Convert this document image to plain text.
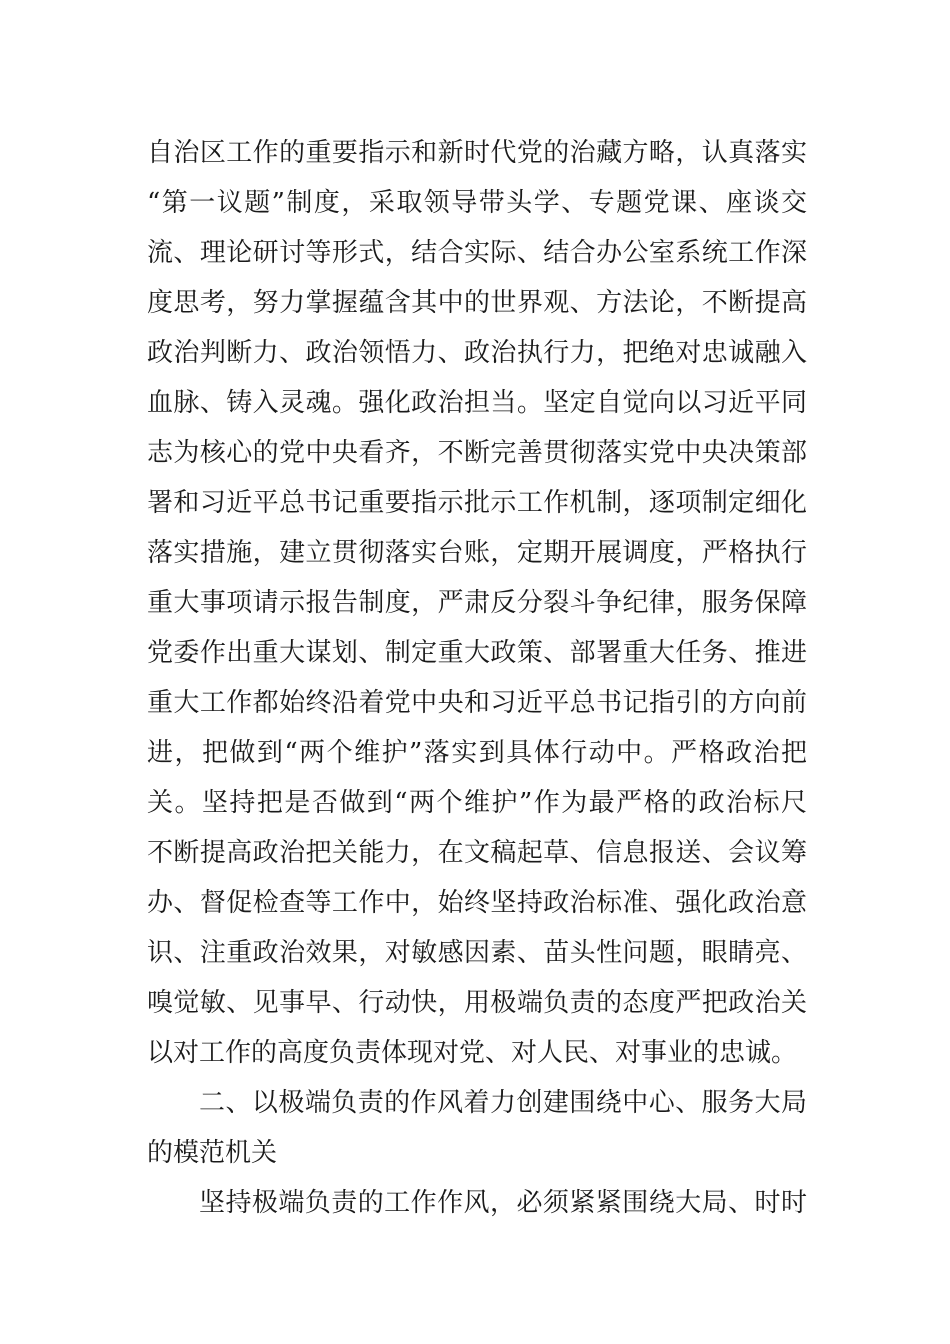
自治区工作的重要指示和新时代党的治藏方略，认真落实
“第一议题”制度，采取领导带头学、专题党课、座谈交
流、理论研讨等形式，结合实际、结合办公室系统工作深
度思考，努力掌握蕴含其中的世界观、方法论，不断提高
政治判断力、政治领悟力、政治执行力，把绝对忠诚融入
血脉、铸入灵魂。强化政治担当。坚定自觉向以习近平同
志为核心的党中央看齐，不断完善贯彻落实党中央决策部
署和习近平总书记重要指示批示工作机制，逐项制定细化
落实措施，建立贯彻落实台账，定期开展调度，严格执行
重大事项请示报告制度，严肃反分裂斗争纪律，服务保障
党委作出重大谋划、制定重大政策、部署重大任务、推进
重大工作都始终沿着党中央和习近平总书记指引的方向前
进，把做到“两个维护”落实到具体行动中。严格政治把
关。坚持把是否做到“两个维护”作为最严格的政治标尺
不断提高政治把关能力，在文稿起草、信息报送、会议筹
办、督促检查等工作中，始终坚持政治标准、强化政治意
识、注重政治效果，对敏感因素、苗头性问题，眼睛亮、
嗅觉敏、见事早、行动快，用极端负责的态度严把政治关
以对工作的高度负责体现对党、对人民、对事业的忠诚。
二、以极端负责的作风着力创建围绕中心、服务大局
的模范机关
坚持极端负责的工作作风，必须紧紧围绕大局、时时
